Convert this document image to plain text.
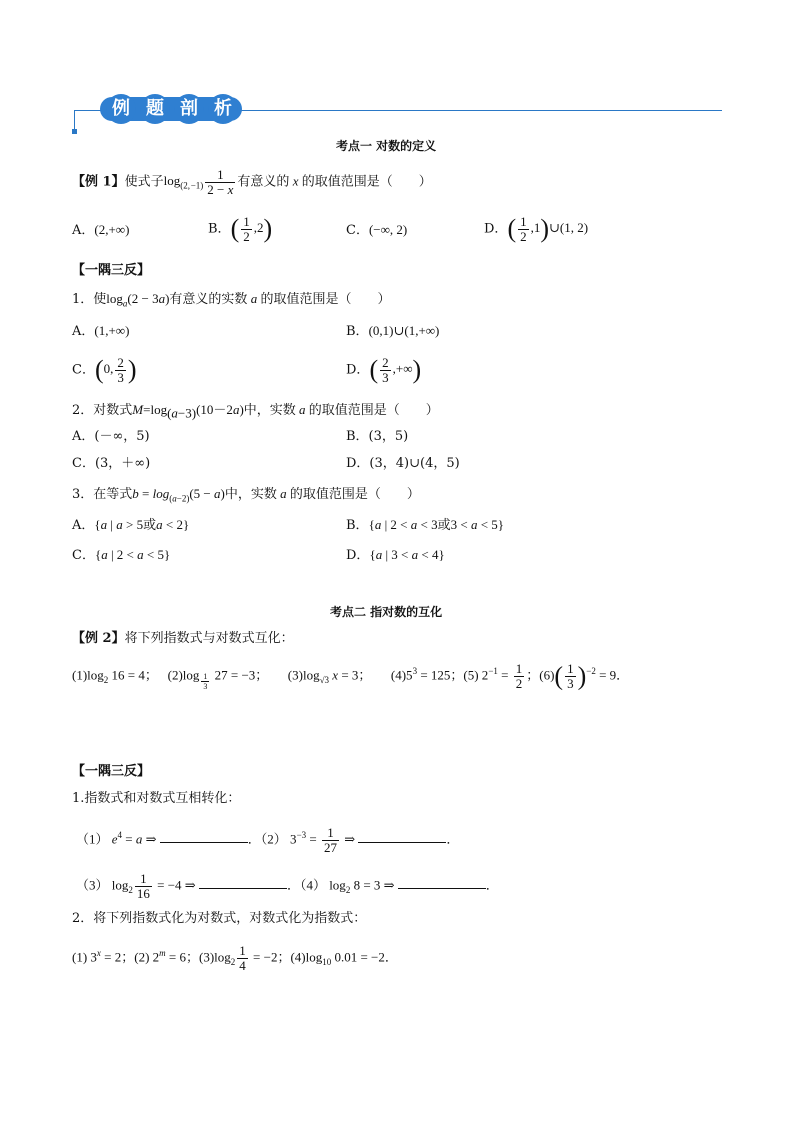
例 题 剖 析
考点一 对数的定义
【例 1】使式子$\log_{(2, -1)} \frac{1}{2 - x}$ 有意义的 x 的取值范围是（　　）
A．(2,+∞)	B．( $\frac{1}{2} ,2$)	C．(−∞, 2)	D．( $\frac{1}{2}$ ,1)∪(1, 2)
【一隅三反】
1．使$\log_a(2 - 3a)$有意义的实数 a 的取值范围是（　　）
A．(1,+∞)	B．(0,1)∪(1,+∞)
C．(0, $\frac{2}{3}$ )	D．( $\frac{2}{3}$ ,+∞)
2．对数式$M=\log_{(a-3)}(10-2a)$中，实数 a 的取值范围是（　　）
A．(－∞，5)	B．(3，5)
C．(3，＋∞)	D．(3，4)∪(4，5)
3．在等式$b = \log_{(a-2)}(5 - a)$中，实数 a 的取值范围是（　　）
A．{a | a > 5或a < 2}	B．{a | 2 < a < 3或3 < a < 5}
C．{a | 2 < a < 5}	D．{a | 3 < a < 4}
考点二 指对数的互化
【例 2】将下列指数式与对数式互化：
$(1)\log_2$ 16 = 4；   (2)log $_{\frac{1}{3}}$ 27 = −3；      $(3)\log_{√3}$ x = 3；      $(4)5^3 = 125$；(5) $2^{-1} = \frac{1}{2}$ ；$(6)( \frac{1}{3} )^{-2} = 9$．
【一隅三反】
1.指数式和对数式互相转化：
（1） $e^4 = a$ ⇒	．（2） $3^{-3} = \frac{1}{27}$ ⇒	．
（3） $\log_2 \frac{1}{16} = -4$ ⇒	．（4） $\log_2 8 = 3$ ⇒	．
2．将下列指数式化为对数式，对数式化为指数式：
(1) $3^x = 2$；(2) $2^m = 6$；$(3)\log_2 \frac{1}{4} = -2$；$(4)\log_{10}$ 0.01 = −2．
